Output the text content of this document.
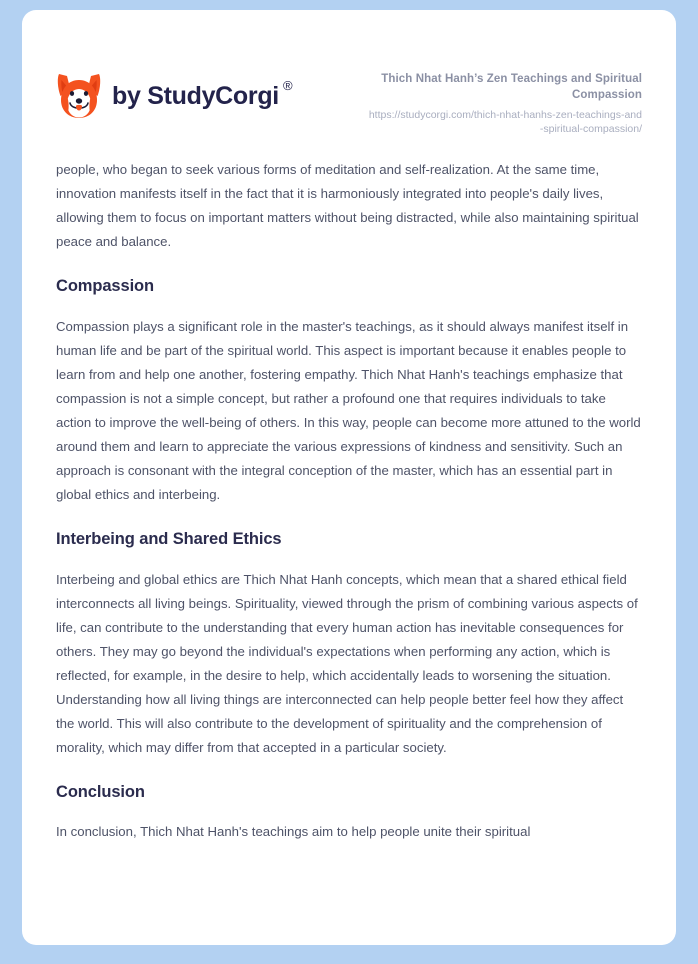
by StudyCorgi ®	Thich Nhat Hanh’s Zen Teachings and Spiritual Compassion
https://studycorgi.com/thich-nhat-hanhs-zen-teachings-and-spiritual-compassion/

people, who began to seek various forms of meditation and self-realization. At the same time, innovation manifests itself in the fact that it is harmoniously integrated into people's daily lives, allowing them to focus on important matters without being distracted, while also maintaining spiritual peace and balance.

Compassion

Compassion plays a significant role in the master's teachings, as it should always manifest itself in human life and be part of the spiritual world. This aspect is important because it enables people to learn from and help one another, fostering empathy. Thich Nhat Hanh's teachings emphasize that compassion is not a simple concept, but rather a profound one that requires individuals to take action to improve the well-being of others. In this way, people can become more attuned to the world around them and learn to appreciate the various expressions of kindness and sensitivity. Such an approach is consonant with the integral conception of the master, which has an essential part in global ethics and interbeing.

Interbeing and Shared Ethics

Interbeing and global ethics are Thich Nhat Hanh concepts, which mean that a shared ethical field interconnects all living beings. Spirituality, viewed through the prism of combining various aspects of life, can contribute to the understanding that every human action has inevitable consequences for others. They may go beyond the individual's expectations when performing any action, which is reflected, for example, in the desire to help, which accidentally leads to worsening the situation. Understanding how all living things are interconnected can help people better feel how they affect the world. This will also contribute to the development of spirituality and the comprehension of morality, which may differ from that accepted in a particular society.

Conclusion

In conclusion, Thich Nhat Hanh's teachings aim to help people unite their spiritual
